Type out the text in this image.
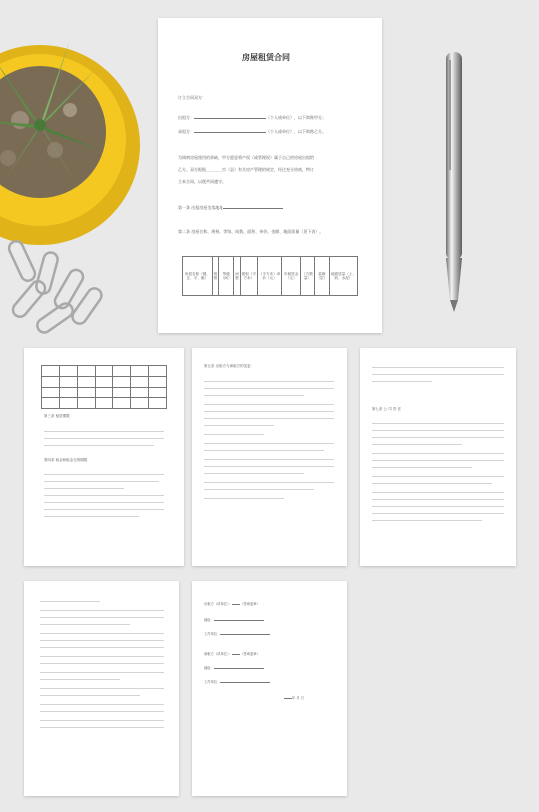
房屋租赁合同
订立合同双方：
出租方：	（个人或单位），以下简称甲方；
承租方：	（个人或单位），以下简称乙方。
为调剂房屋使用的余缺，甲方愿意将产权（或管理权）属于自己的房屋出租给
乙方。双方根据________市（县）有关房产管理的规定，经过充分协商，特订
立本合同，以便共同遵守。
第一条 出租房屋坐落地址
第二条 房屋名称、规格、等级、间数、面积、单价、金额、地面质量（见下表）。
房屋名称（楼、正、平、厢）	规格	等级（间）	间数	面积（平方米）	（平方米）单价（元）	年租赁金（元）	（方数量）	装修（层）	地面质量（土、砖、水泥）

第三条 租赁期限：
第四条 租金和租金交纳期限：
第五条 出租方与承租方的变更：
第七条 公 司 责 任
出租方（或单位）： （签章盖章）
地址：
工作单位：
承租方（或单位）： （签章盖章）
地址：
工作单位：
年 月 日
